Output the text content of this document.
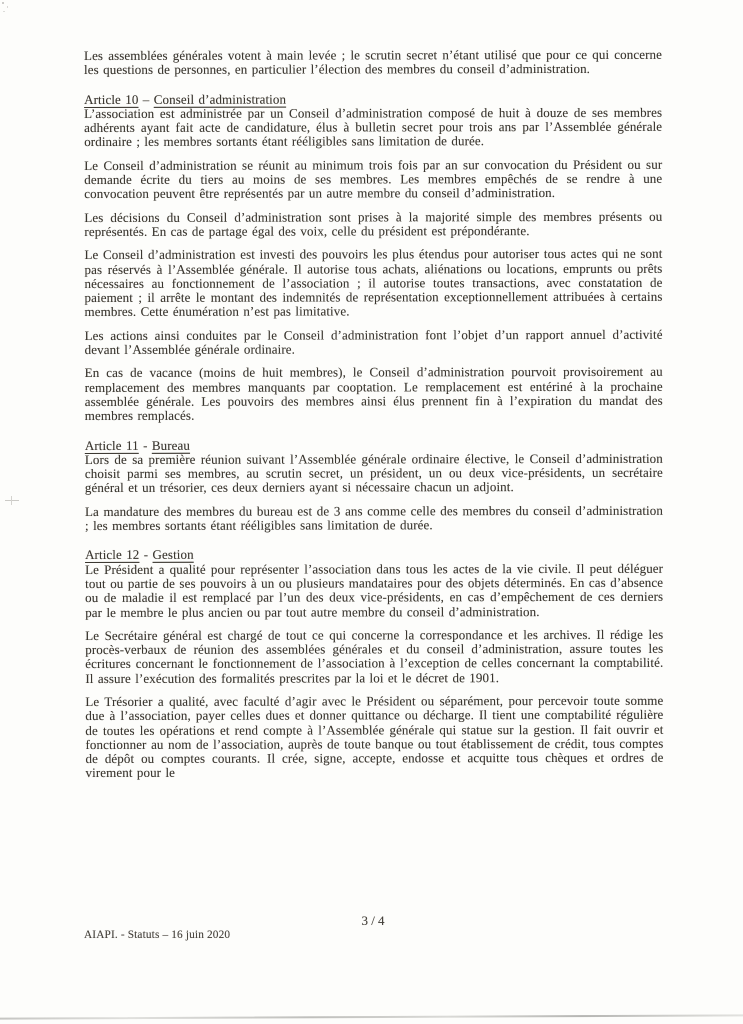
Les assemblées générales votent à main levée ; le scrutin secret n’étant utilisé que pour ce qui concerne les questions de personnes, en particulier l’élection des membres du conseil d’administration.

Article 10 – Conseil d’administration

L’association est administrée par un Conseil d’administration composé de huit à douze de ses membres adhérents ayant fait acte de candidature, élus à bulletin secret pour trois ans par l’Assemblée générale ordinaire ; les membres sortants étant rééligibles sans limitation de durée.

Le Conseil d’administration se réunit au minimum trois fois par an sur convocation du Président ou sur demande écrite du tiers au moins de ses membres. Les membres empêchés de se rendre à une convocation peuvent être représentés par un autre membre du conseil d’administration.

Les décisions du Conseil d’administration sont prises à la majorité simple des membres présents ou représentés. En cas de partage égal des voix, celle du président est prépondérante.

Le Conseil d’administration est investi des pouvoirs les plus étendus pour autoriser tous actes qui ne sont pas réservés à l’Assemblée générale. Il autorise tous achats, aliénations ou locations, emprunts ou prêts nécessaires au fonctionnement de l’association ; il autorise toutes transactions, avec constatation de paiement ; il arrête le montant des indemnités de représentation exceptionnellement attribuées à certains membres. Cette énumération n’est pas limitative.

Les actions ainsi conduites par le Conseil d’administration font l’objet d’un rapport annuel d’activité devant l’Assemblée générale ordinaire.

En cas de vacance (moins de huit membres), le Conseil d’administration pourvoit provisoirement au remplacement des membres manquants par cooptation. Le remplacement est entériné à la prochaine assemblée générale. Les pouvoirs des membres ainsi élus prennent fin à l’expiration du mandat des membres remplacés.

Article 11 - Bureau

Lors de sa première réunion suivant l’Assemblée générale ordinaire élective, le Conseil d’administration choisit parmi ses membres, au scrutin secret, un président, un ou deux vice-présidents, un secrétaire général et un trésorier, ces deux derniers ayant si nécessaire chacun un adjoint.

La mandature des membres du bureau est de 3 ans comme celle des membres du conseil d’administration ; les membres sortants étant rééligibles sans limitation de durée.

Article 12 - Gestion

Le Président a qualité pour représenter l’association dans tous les actes de la vie civile. Il peut déléguer tout ou partie de ses pouvoirs à un ou plusieurs mandataires pour des objets déterminés. En cas d’absence ou de maladie il est remplacé par l’un des deux vice-présidents, en cas d’empêchement de ces derniers par le membre le plus ancien ou par tout autre membre du conseil d’administration.

Le Secrétaire général est chargé de tout ce qui concerne la correspondance et les archives. Il rédige les procès-verbaux de réunion des assemblées générales et du conseil d’administration, assure toutes les écritures concernant le fonctionnement de l’association à l’exception de celles concernant la comptabilité. Il assure l’exécution des formalités prescrites par la loi et le décret de 1901.

Le Trésorier a qualité, avec faculté d’agir avec le Président ou séparément, pour percevoir toute somme due à l’association, payer celles dues et donner quittance ou décharge. Il tient une comptabilité régulière de toutes les opérations et rend compte à l’Assemblée générale qui statue sur la gestion. Il fait ouvrir et fonctionner au nom de l’association, auprès de toute banque ou tout établissement de crédit, tous comptes de dépôt ou comptes courants. Il crée, signe, accepte, endosse et acquitte tous chèques et ordres de virement pour le

3 / 4
AIAPI. - Statuts – 16 juin 2020
